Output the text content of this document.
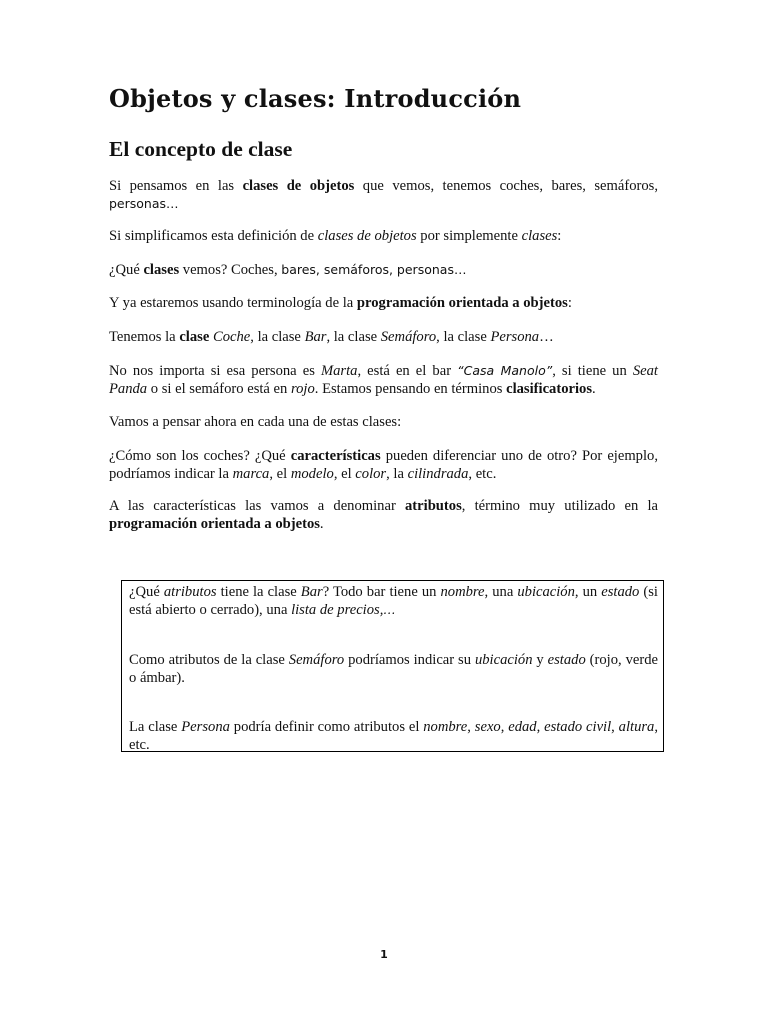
Objetos y clases: Introducción
El concepto de clase

Si pensamos en las clases de objetos que vemos, tenemos coches, bares, semáforos, personas…

Si simplificamos esta definición de clases de objetos por simplemente clases:

¿Qué clases vemos? Coches, bares, semáforos, personas…

Y ya estaremos usando terminología de la programación orientada a objetos:

Tenemos la clase Coche, la clase Bar, la clase Semáforo, la clase Persona…

No nos importa si esa persona es Marta, está en el bar “Casa Manolo”, si tiene un Seat Panda o si el semáforo está en rojo. Estamos pensando en términos clasificatorios.

Vamos a pensar ahora en cada una de estas clases:

¿Cómo son los coches? ¿Qué características pueden diferenciar uno de otro? Por ejemplo, podríamos indicar la marca, el modelo, el color, la cilindrada, etc.

A las características las vamos a denominar atributos, término muy utilizado en la programación orientada a objetos.

¿Qué atributos tiene la clase Bar? Todo bar tiene un nombre, una ubicación, un estado (si está abierto o cerrado), una lista de precios,…

Como atributos de la clase Semáforo podríamos indicar su ubicación y estado (rojo, verde o ámbar).

La clase Persona podría definir como atributos el nombre, sexo, edad, estado civil, altura, etc.

1
